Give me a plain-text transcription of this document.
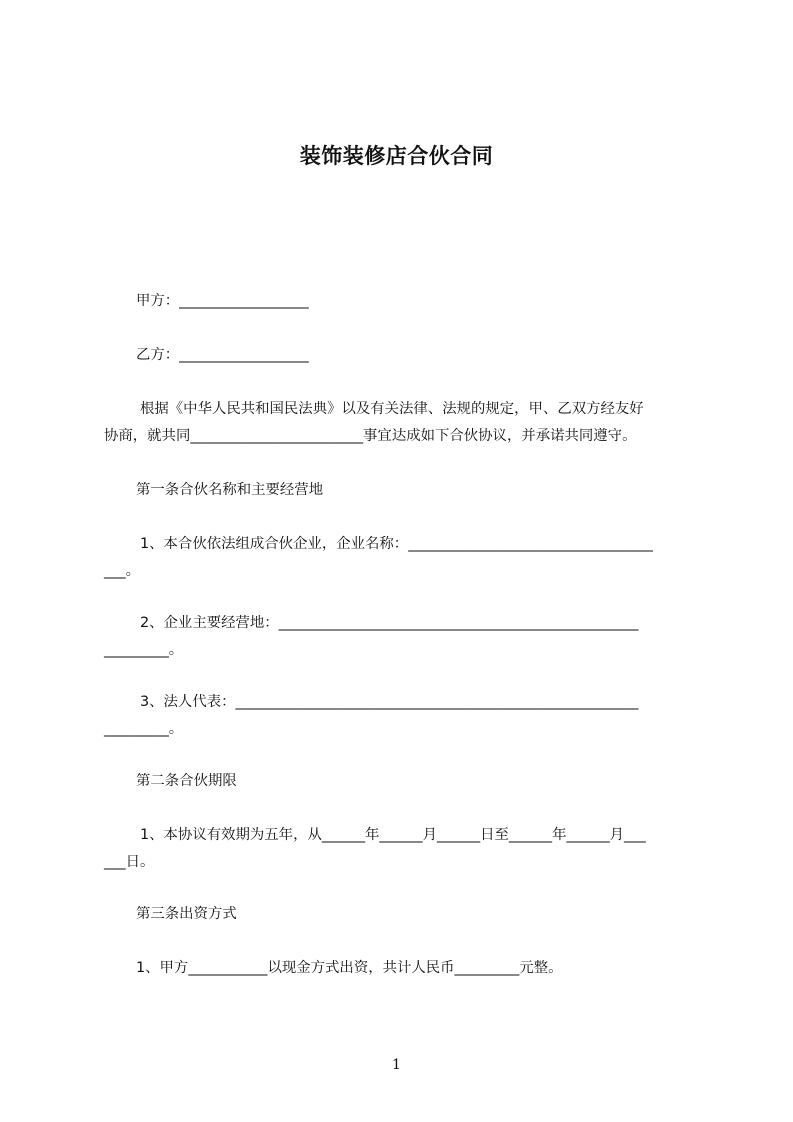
装饰装修店合伙合同
甲方：__________________
乙方：__________________
根据《中华人民共和国民法典》以及有关法律、法规的规定，甲、乙双方经友好
协商，就共同________________________事宜达成如下合伙协议，并承诺共同遵守。
第一条合伙名称和主要经营地
1、本合伙依法组成合伙企业，企业名称：__________________________________
___。
2、企业主要经营地：__________________________________________________
_________。
3、法人代表：________________________________________________________
_________。
第二条合伙期限
1、本协议有效期为五年，从______年______月______日至______年______月___
___日。
第三条出资方式
1、甲方___________以现金方式出资，共计人民币_________元整。
1
